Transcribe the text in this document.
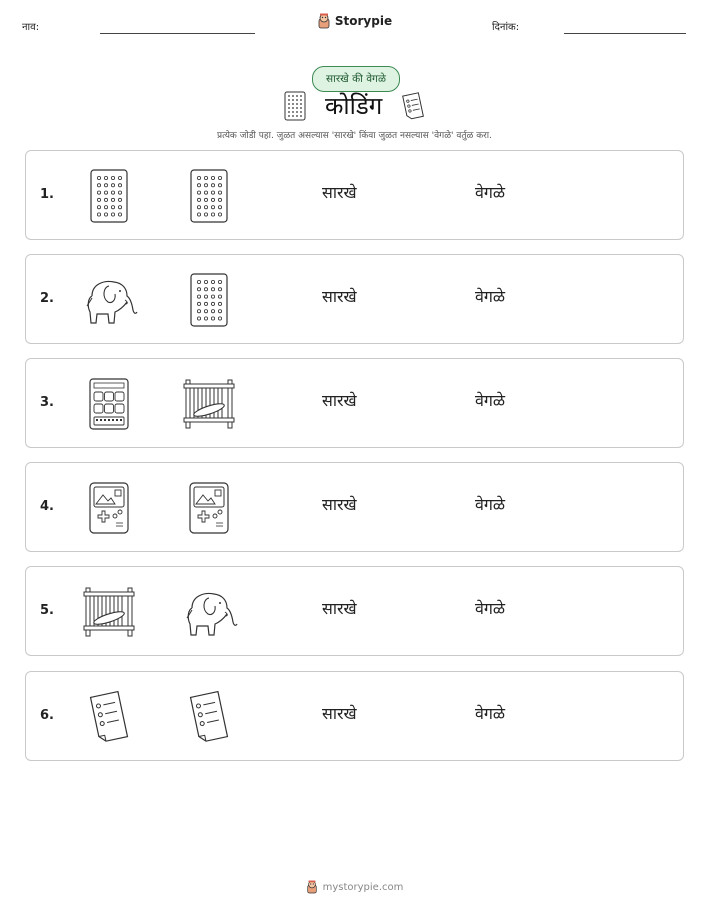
नाव:	Storypie	दिनांक:
सारखे की वेगळे
कोडिंग
प्रत्येक जोडी पहा. जुळत असल्यास 'सारखे' किंवा जुळत नसल्यास 'वेगळे' वर्तुळ करा.
1.	सारखे	वेगळे
2.	सारखे	वेगळे
3.	सारखे	वेगळे
4.	सारखे	वेगळे
5.	सारखे	वेगळे
6.	सारखे	वेगळे
mystorypie.com
